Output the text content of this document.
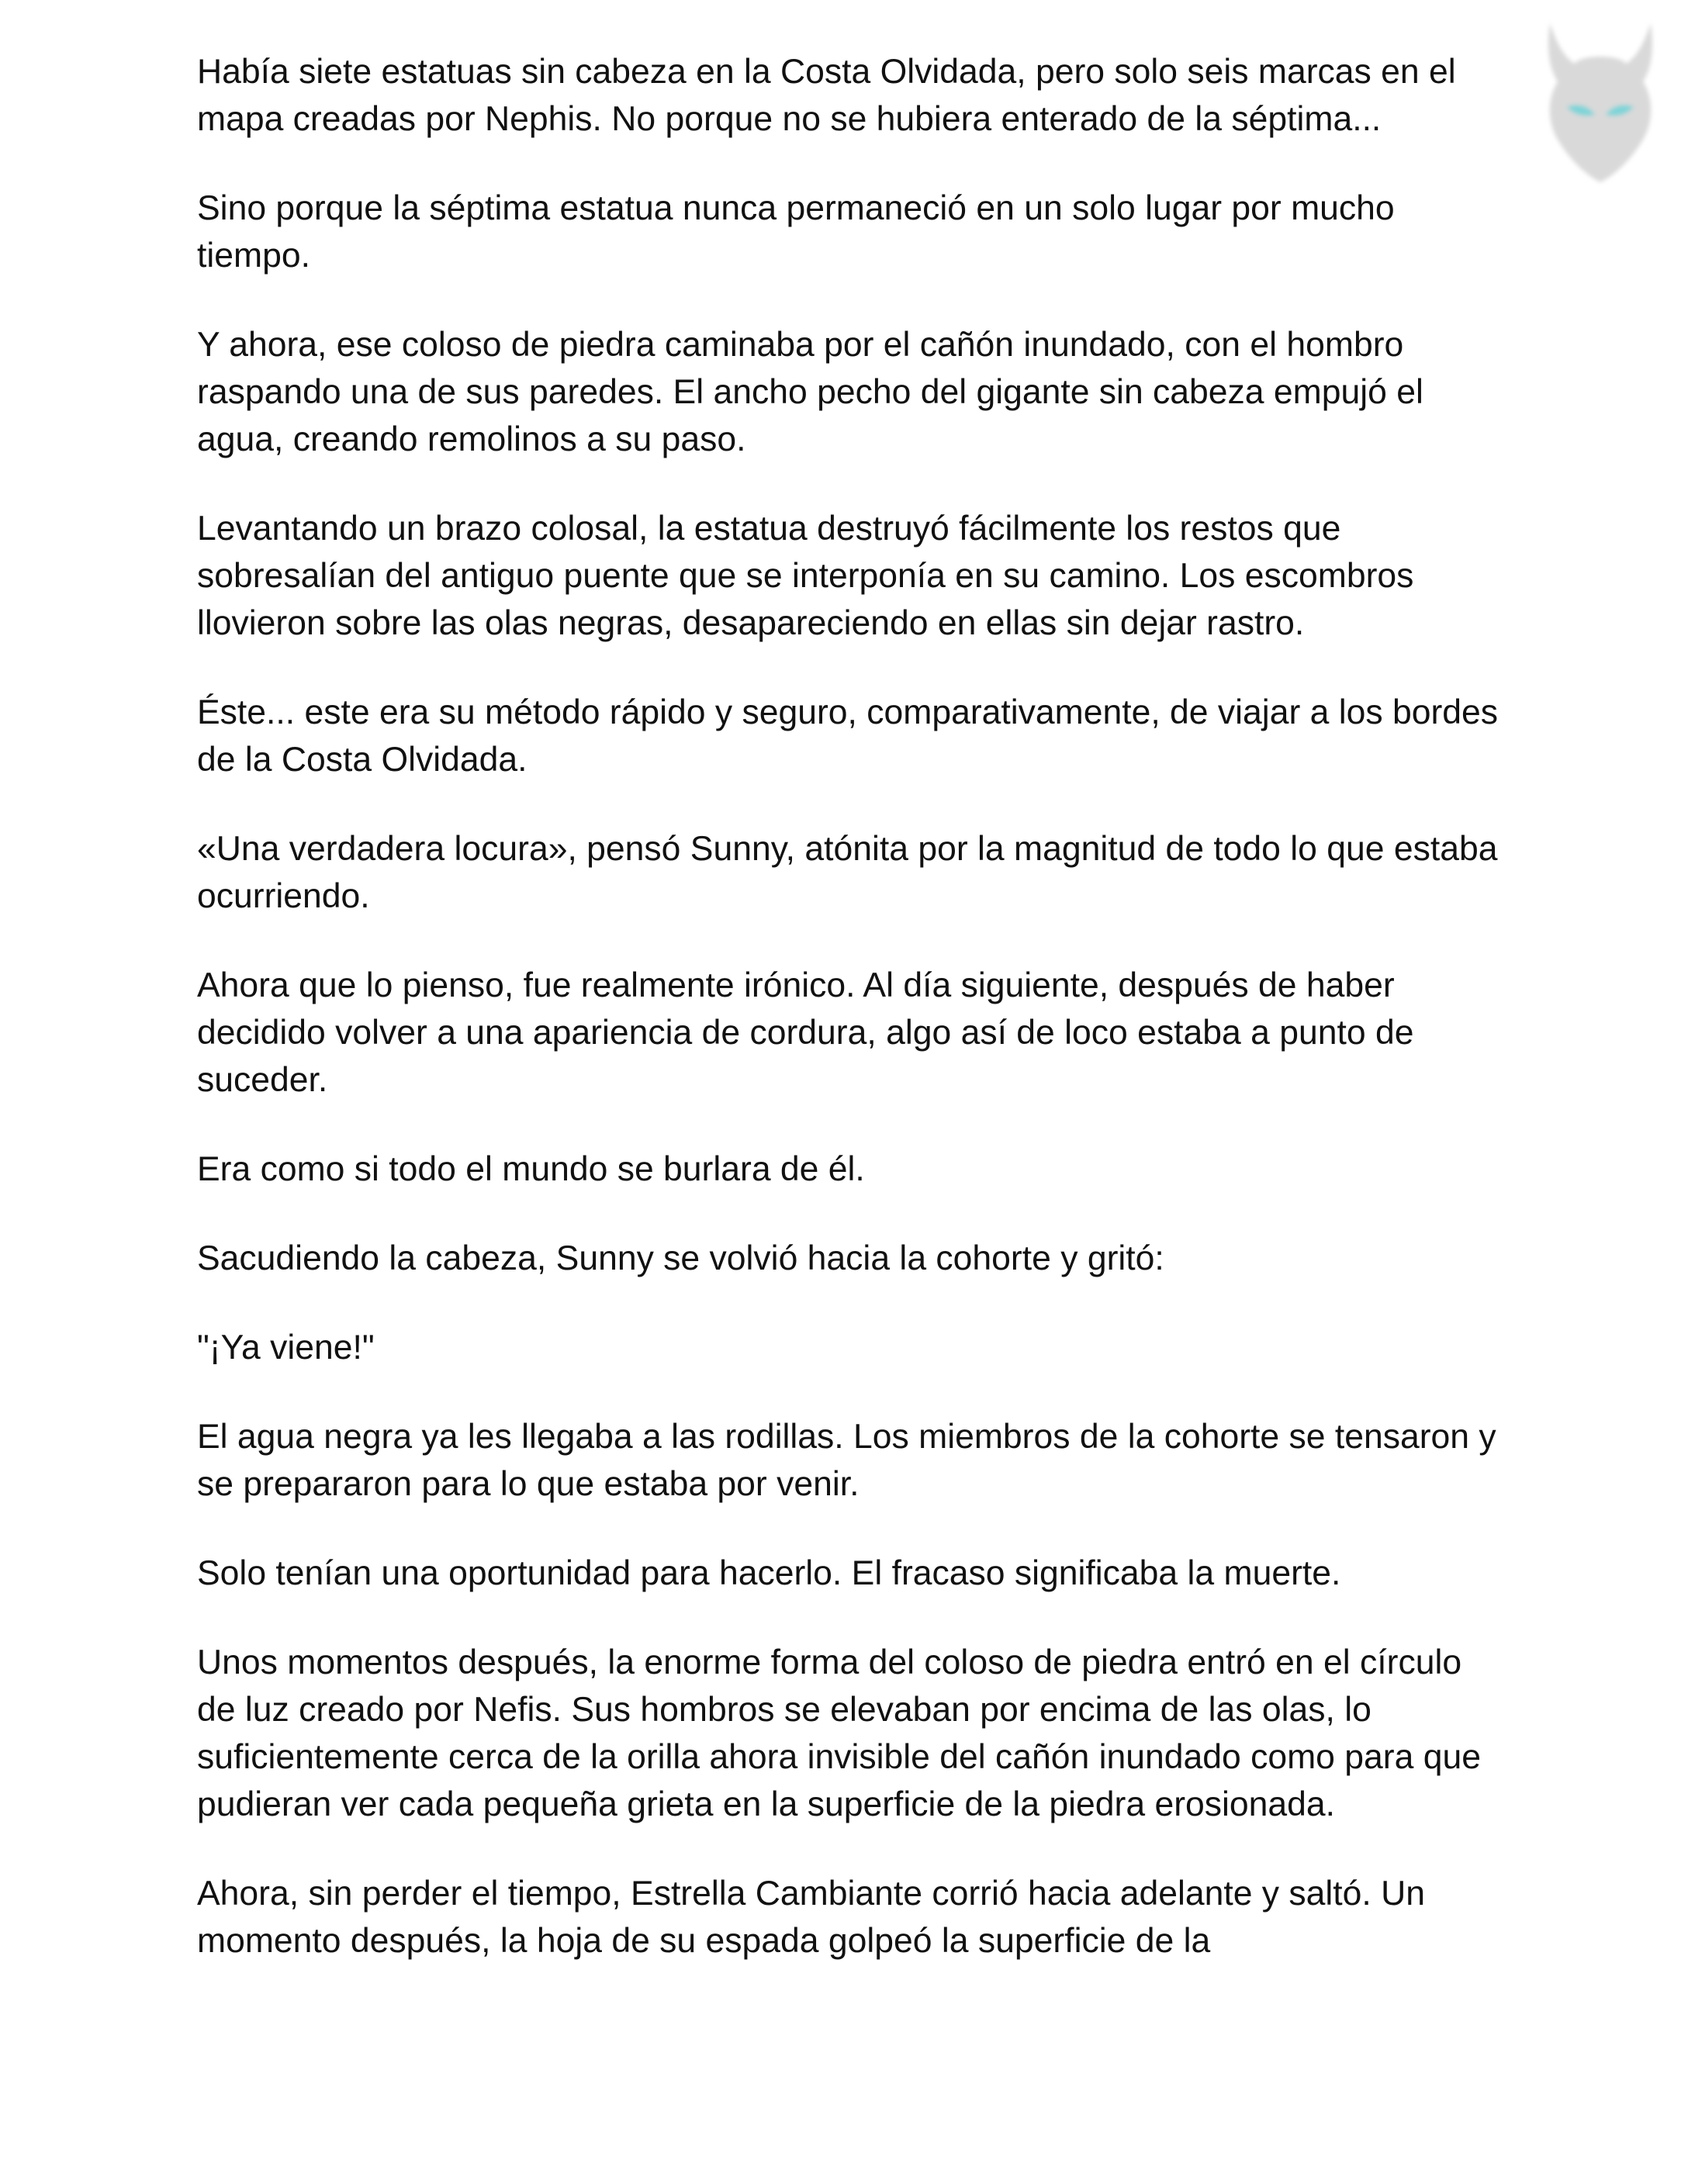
Había siete estatuas sin cabeza en la Costa Olvidada, pero solo seis marcas en el mapa creadas por Nephis. No porque no se hubiera enterado de la séptima...

Sino porque la séptima estatua nunca permaneció en un solo lugar por mucho tiempo.

Y ahora, ese coloso de piedra caminaba por el cañón inundado, con el hombro raspando una de sus paredes. El ancho pecho del gigante sin cabeza empujó el agua, creando remolinos a su paso.

Levantando un brazo colosal, la estatua destruyó fácilmente los restos que sobresalían del antiguo puente que se interponía en su camino. Los escombros llovieron sobre las olas negras, desapareciendo en ellas sin dejar rastro.

Éste... este era su método rápido y seguro, comparativamente, de viajar a los bordes de la Costa Olvidada.

«Una verdadera locura», pensó Sunny, atónita por la magnitud de todo lo que estaba ocurriendo.

Ahora que lo pienso, fue realmente irónico. Al día siguiente, después de haber decidido volver a una apariencia de cordura, algo así de loco estaba a punto de suceder.

Era como si todo el mundo se burlara de él.

Sacudiendo la cabeza, Sunny se volvió hacia la cohorte y gritó:

"¡Ya viene!"

El agua negra ya les llegaba a las rodillas. Los miembros de la cohorte se tensaron y se prepararon para lo que estaba por venir.

Solo tenían una oportunidad para hacerlo. El fracaso significaba la muerte.

Unos momentos después, la enorme forma del coloso de piedra entró en el círculo de luz creado por Nefis. Sus hombros se elevaban por encima de las olas, lo suficientemente cerca de la orilla ahora invisible del cañón inundado como para que pudieran ver cada pequeña grieta en la superficie de la piedra erosionada.

Ahora, sin perder el tiempo, Estrella Cambiante corrió hacia adelante y saltó. Un momento después, la hoja de su espada golpeó la superficie de la
